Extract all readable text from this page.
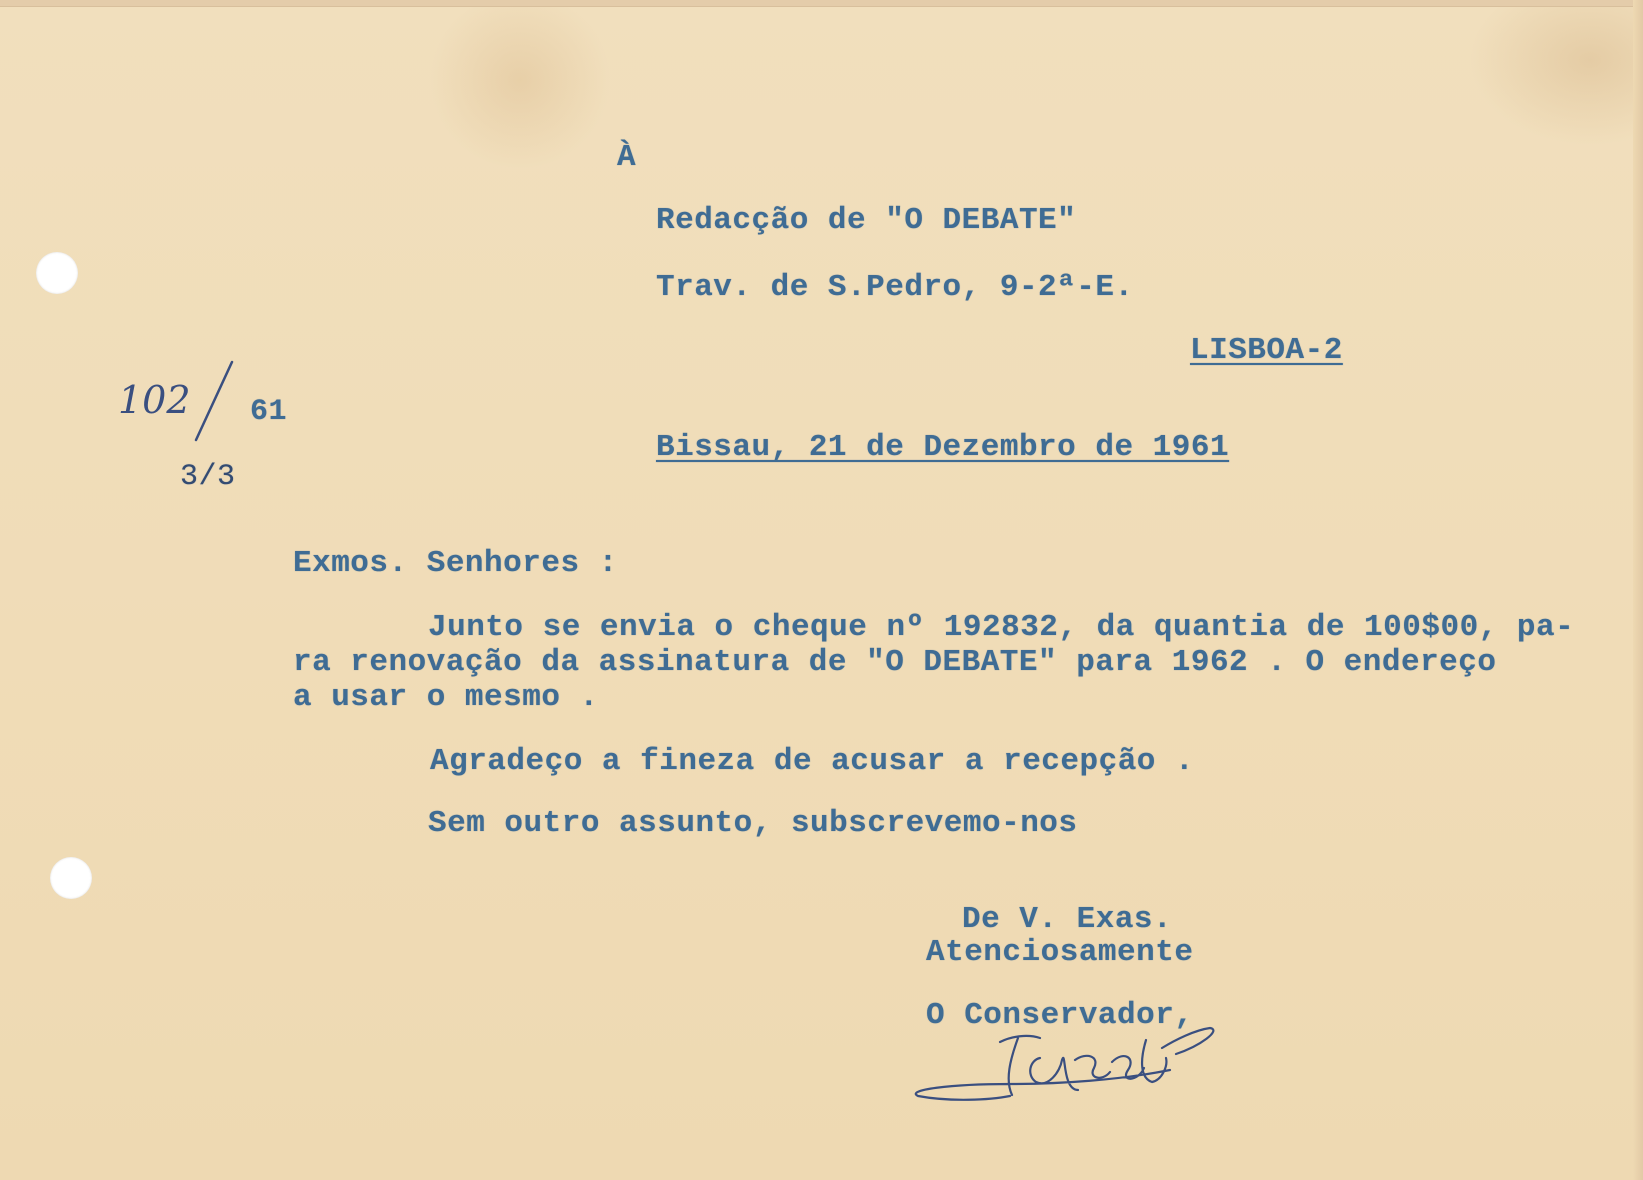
À
Redacção de "O DEBATE"
Trav. de S.Pedro, 9-2ª-E.
LISBOA-2
102 61
3/3
Bissau, 21 de Dezembro de 1961
Exmos. Senhores :
Junto se envia o cheque nº 192832, da quantia de 100$00, pa-
ra renovação da assinatura de "O DEBATE" para 1962 . O endereço
a usar o mesmo .
Agradeço a fineza de acusar a recepção .
Sem outro assunto, subscrevemo-nos
De V. Exas.
Atenciosamente
O Conservador,
